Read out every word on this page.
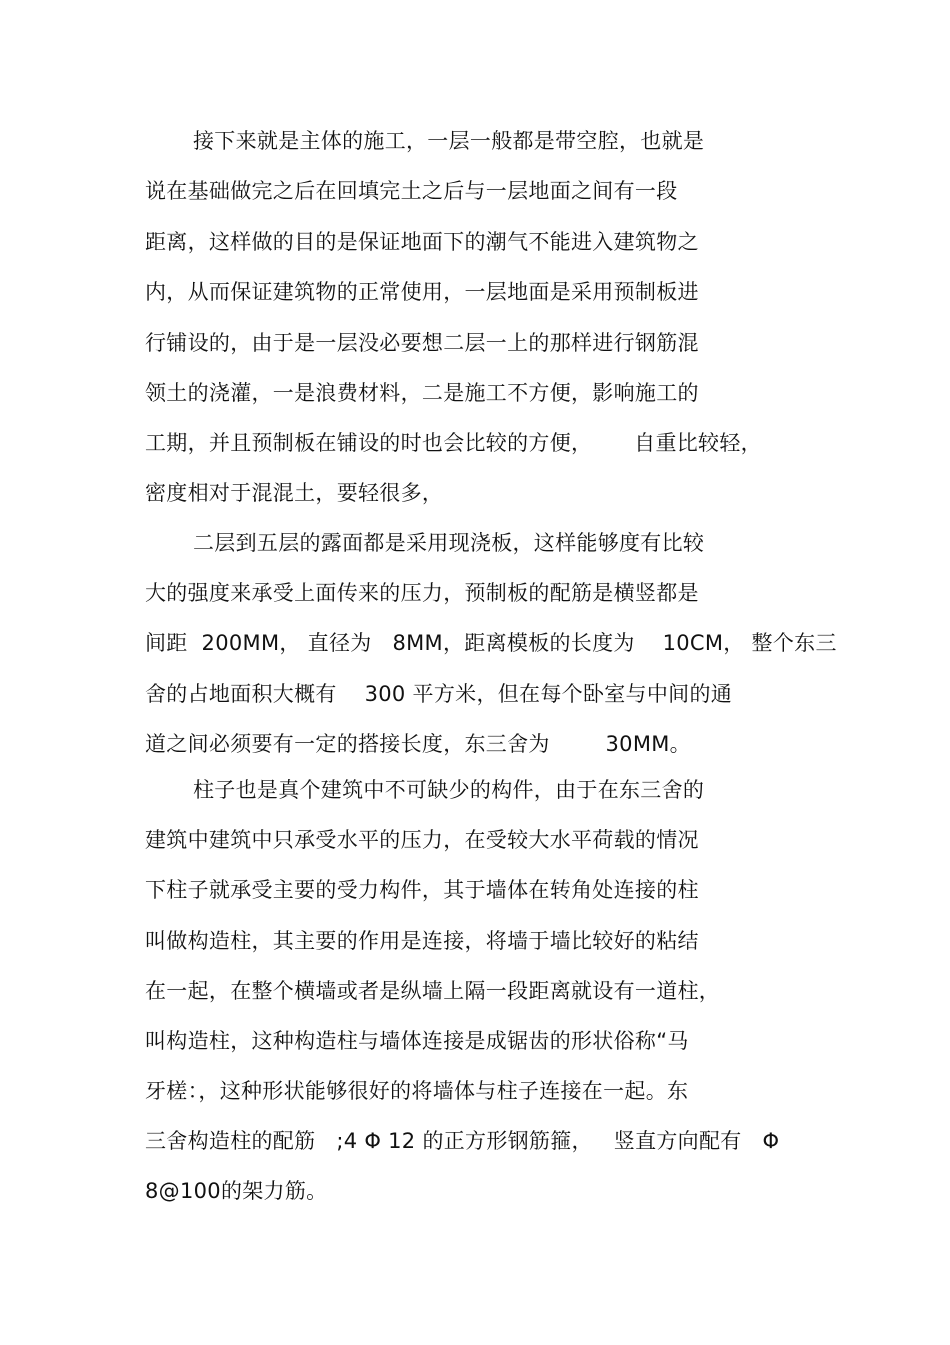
接下来就是主体的施工，一层一般都是带空腔，也就是
说在基础做完之后在回填完土之后与一层地面之间有一段
距离，这样做的目的是保证地面下的潮气不能进入建筑物之
内，从而保证建筑物的正常使用，一层地面是采用预制板进
行铺设的，由于是一层没必要想二层一上的那样进行钢筋混
领土的浇灌，一是浪费材料，二是施工不方便，影响施工的
工期，并且预制板在铺设的时也会比较的方便，      自重比较轻，
密度相对于混混土，要轻很多，
二层到五层的露面都是采用现浇板，这样能够度有比较
大的强度来承受上面传来的压力，预制板的配筋是横竖都是
间距  200MM， 直径为   8MM，距离模板的长度为    10CM， 整个东三
舍的占地面积大概有    300 平方米，但在每个卧室与中间的通
道之间必须要有一定的搭接长度，东三舍为        30MM。
柱子也是真个建筑中不可缺少的构件，由于在东三舍的
建筑中建筑中只承受水平的压力，在受较大水平荷载的情况
下柱子就承受主要的受力构件，其于墙体在转角处连接的柱
叫做构造柱，其主要的作用是连接，将墙于墙比较好的粘结
在一起，在整个横墙或者是纵墙上隔一段距离就设有一道柱，
叫构造柱，这种构造柱与墙体连接是成锯齿的形状俗称“马
牙槎：，这种形状能够很好的将墙体与柱子连接在一起。东
三舍构造柱的配筋   ;4 Φ 12 的正方形钢筋箍，   竖直方向配有   Φ
8@100的架力筋。
